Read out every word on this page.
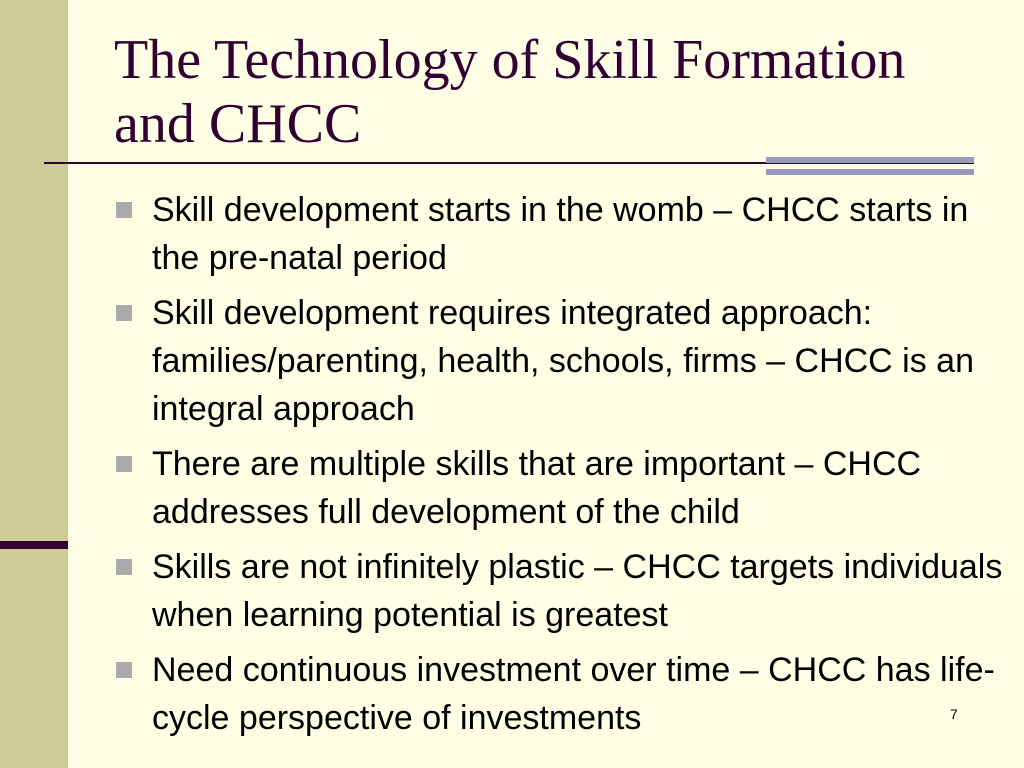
The Technology of Skill Formation and CHCC
Skill development starts in the womb – CHCC starts in the pre-natal period
Skill development requires integrated approach: families/parenting, health, schools, firms – CHCC is an integral approach
There are multiple skills that are important – CHCC addresses full development of the child
Skills are not infinitely plastic – CHCC targets individuals when learning potential is greatest
Need continuous investment over time – CHCC has life-cycle perspective of investments	7
